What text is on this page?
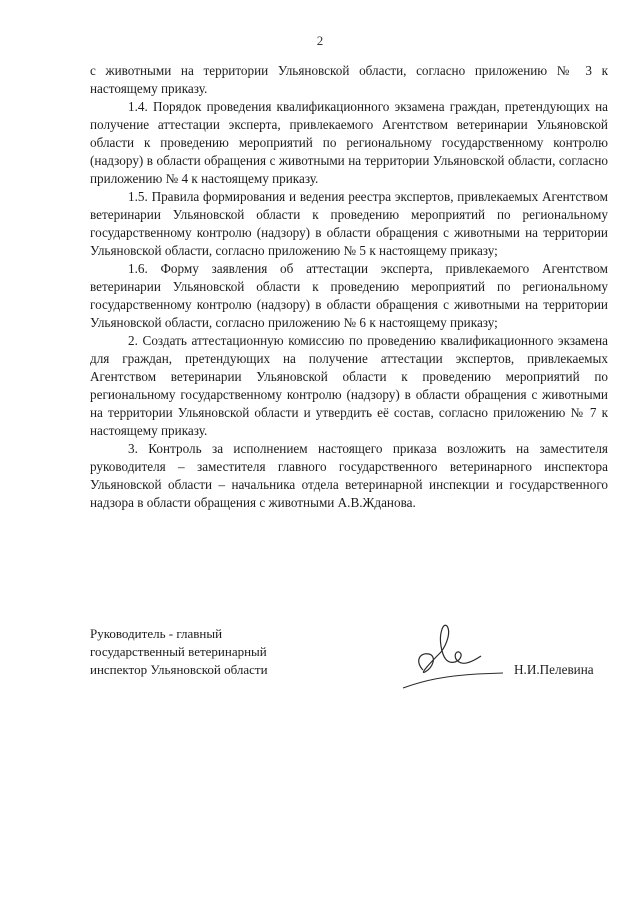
2

с животными на территории Ульяновской области, согласно приложению № 3 к настоящему приказу.

1.4. Порядок проведения квалификационного экзамена граждан, претендующих на получение аттестации эксперта, привлекаемого Агентством ветеринарии Ульяновской области к проведению мероприятий по региональному государственному контролю (надзору) в области обращения с животными на территории Ульяновской области, согласно приложению № 4 к настоящему приказу.

1.5. Правила формирования и ведения реестра экспертов, привлекаемых Агентством ветеринарии Ульяновской области к проведению мероприятий по региональному государственному контролю (надзору) в области обращения с животными на территории Ульяновской области, согласно приложению № 5 к настоящему приказу;

1.6. Форму заявления об аттестации эксперта, привлекаемого Агентством ветеринарии Ульяновской области к проведению мероприятий по региональному государственному контролю (надзору) в области обращения с животными на территории Ульяновской области, согласно приложению № 6 к настоящему приказу;

2. Создать аттестационную комиссию по проведению квалификационного экзамена для граждан, претендующих на получение аттестации экспертов, привлекаемых Агентством ветеринарии Ульяновской области к проведению мероприятий по региональному государственному контролю (надзору) в области обращения с животными на территории Ульяновской области и утвердить её состав, согласно приложению № 7 к настоящему приказу.

3. Контроль за исполнением настоящего приказа возложить на заместителя руководителя – заместителя главного государственного ветеринарного инспектора Ульяновской области – начальника отдела ветеринарной инспекции и государственного надзора в области обращения с животными А.В.Жданова.

Руководитель - главный
государственный ветеринарный
инспектор Ульяновской области	Н.И.Пелевина
